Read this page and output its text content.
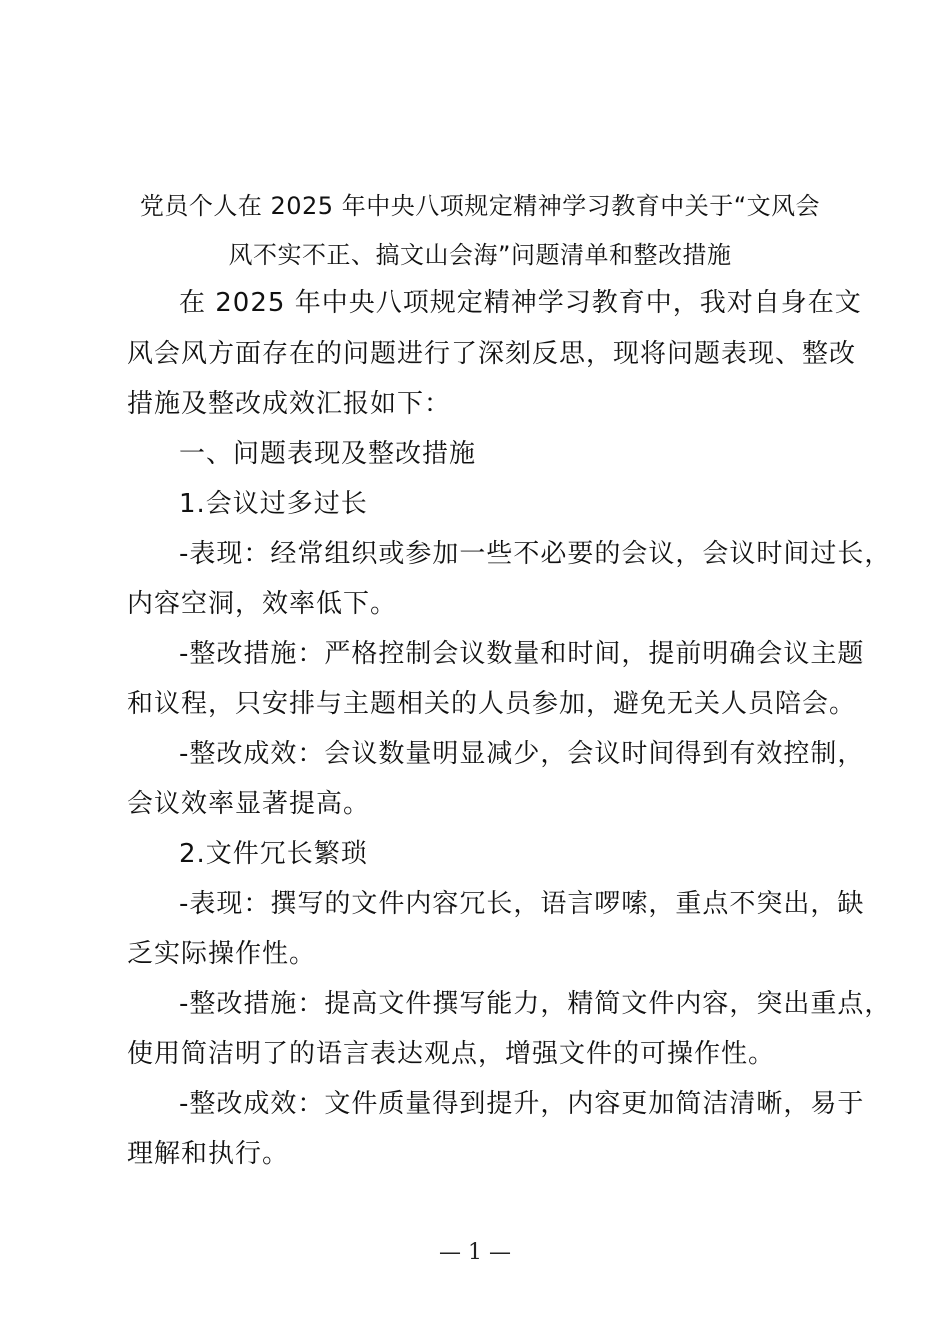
党员个人在 2025 年中央八项规定精神学习教育中关于“文风会
风不实不正、搞文山会海”问题清单和整改措施
在 2025 年中央八项规定精神学习教育中，我对自身在文
风会风方面存在的问题进行了深刻反思，现将问题表现、整改
措施及整改成效汇报如下：
一、问题表现及整改措施
1.会议过多过长
-表现：经常组织或参加一些不必要的会议，会议时间过长，
内容空洞，效率低下。
-整改措施：严格控制会议数量和时间，提前明确会议主题
和议程，只安排与主题相关的人员参加，避免无关人员陪会。
-整改成效：会议数量明显减少，会议时间得到有效控制，
会议效率显著提高。
2.文件冗长繁琐
-表现：撰写的文件内容冗长，语言啰嗦，重点不突出，缺
乏实际操作性。
-整改措施：提高文件撰写能力，精简文件内容，突出重点，
使用简洁明了的语言表达观点，增强文件的可操作性。
-整改成效：文件质量得到提升，内容更加简洁清晰，易于
理解和执行。
— 1 —
